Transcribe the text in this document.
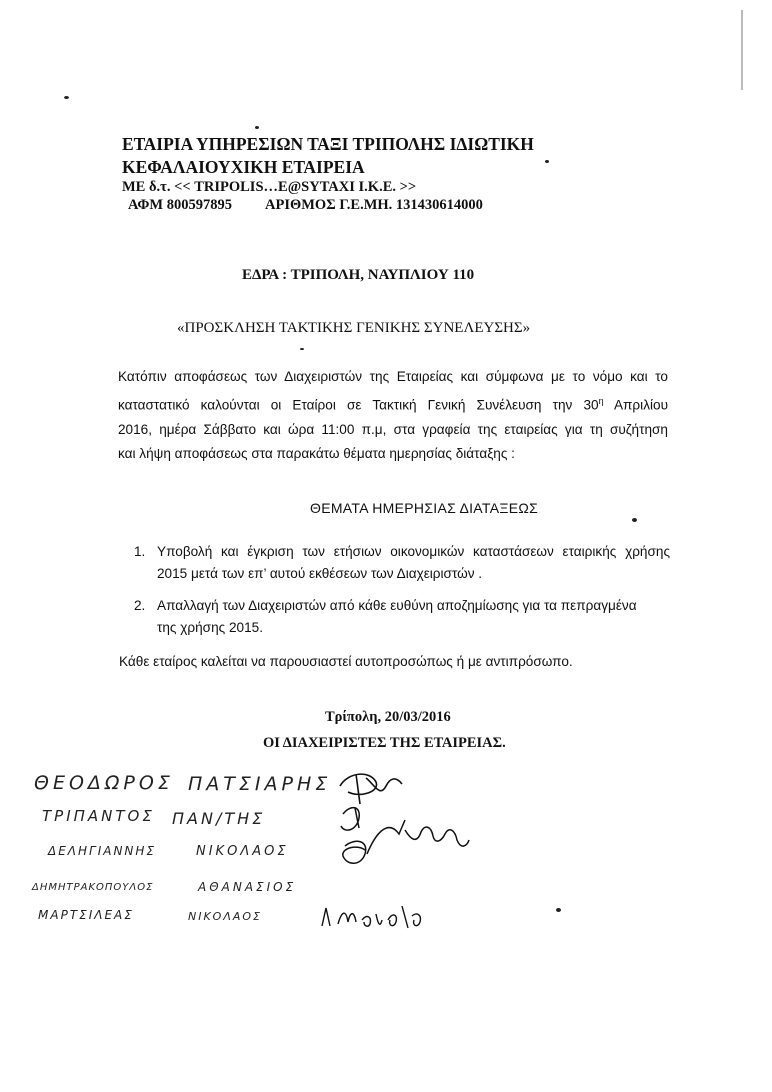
ΕΤΑΙΡΙΑ ΥΠΗΡΕΣΙΩΝ ΤΑΞΙ ΤΡΙΠΟΛΗΣ ΙΔΙΩΤΙΚΗ
ΚΕΦΑΛΑΙΟΥΧΙΚΗ ΕΤΑΙΡΕΙΑ
ΜΕ δ.τ. << TRIPOLIS…E@SYTAXI I.K.E. >>
ΑΦΜ 800597895 ΑΡΙΘΜΟΣ Γ.Ε.ΜΗ. 131430614000
ΕΔΡΑ : ΤΡΙΠΟΛΗ, ΝΑΥΠΛΙΟΥ 110
«ΠΡΟΣΚΛΗΣΗ ΤΑΚΤΙΚΗΣ ΓΕΝΙΚΗΣ ΣΥΝΕΛΕΥΣΗΣ»
Κατόπιν αποφάσεως των Διαχειριστών της Εταιρείας και σύμφωνα με το νόμο και το
καταστατικό καλούνται οι Εταίροι σε Τακτική Γενική Συνέλευση την $30^\eta$ Απριλίου
2016, ημέρα Σάββατο και ώρα 11:00 π.μ, στα γραφεία της εταιρείας για τη συζήτηση
και λήψη αποφάσεως στα παρακάτω θέματα ημερησίας διάταξης :
ΘΕΜΑΤΑ ΗΜΕΡΗΣΙΑΣ ΔΙΑΤΑΞΕΩΣ
1. Υποβολή και έγκριση των ετήσιων οικονομικών καταστάσεων εταιρικής χρήσης
2015 μετά των επ’ αυτού εκθέσεων των Διαχειριστών .
2. Απαλλαγή των Διαχειριστών από κάθε ευθύνη αποζημίωσης για τα πεπραγμένα
της χρήσης 2015.
Κάθε εταίρος καλείται να παρουσιαστεί αυτοπροσώπως ή με αντιπρόσωπο.
Τρίπολη, 20/03/2016
ΟΙ ΔΙΑΧΕΙΡΙΣΤΕΣ ΤΗΣ ΕΤΑΙΡΕΙΑΣ.
ΘΕΟΔΩΡΟΣ ΠΑΤΣΙΑΡΗΣ
ΤΡΙΠΑΝΤΟΣ ΠΑΝ/ΤΗΣ
ΔΕΛΗΓΙΑΝΝΗΣ	ΝΙΚΟΛΑΟΣ
ΔΗΜΗΤΡΑΚΟΠΟΥΛΟΣ	ΑΘΑΝΑΣΙΟΣ
ΜΑΡΤΣΙΛΕΑΣ	ΝΙΚΟΛΑΟΣ
